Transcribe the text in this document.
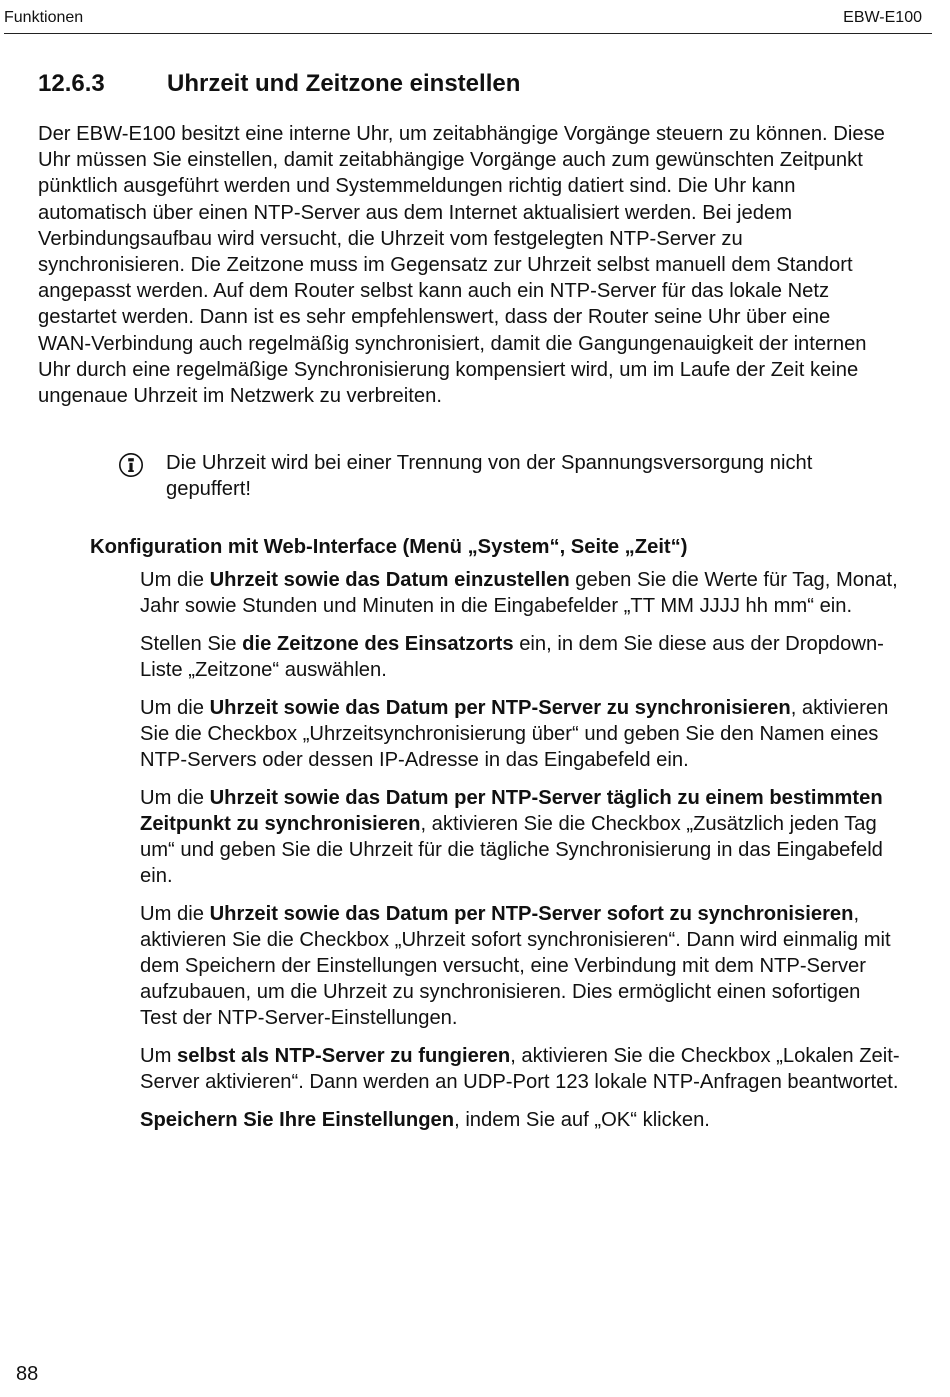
Funktionen	EBW-E100
12.6.3	Uhrzeit und Zeitzone einstellen

Der EBW-E100 besitzt eine interne Uhr, um zeitabhängige Vorgänge steuern zu können. Diese Uhr müssen Sie einstellen, damit zeitabhängige Vorgänge auch zum gewünschten Zeitpunkt pünktlich ausgeführt werden und Systemmeldungen richtig datiert sind. Die Uhr kann automatisch über einen NTP-Server aus dem Internet aktualisiert werden. Bei jedem Verbindungsaufbau wird versucht, die Uhrzeit vom festgelegten NTP-Server zu synchronisieren. Die Zeitzone muss im Gegensatz zur Uhrzeit selbst manuell dem Standort angepasst werden. Auf dem Router selbst kann auch ein NTP-Server für das lokale Netz gestartet werden. Dann ist es sehr empfehlenswert, dass der Router seine Uhr über eine WAN-Verbindung auch regelmäßig synchronisiert, damit die Gangungenauigkeit der internen Uhr durch eine regelmäßige Synchronisierung kompensiert wird, um im Laufe der Zeit keine ungenaue Uhrzeit im Netzwerk zu verbreiten.

Die Uhrzeit wird bei einer Trennung von der Spannungsversorgung nicht gepuffert!

Konfiguration mit Web-Interface (Menü „System“, Seite „Zeit“)

Um die Uhrzeit sowie das Datum einzustellen geben Sie die Werte für Tag, Monat, Jahr sowie Stunden und Minuten in die Eingabefelder „TT MM JJJJ hh mm“ ein.

Stellen Sie die Zeitzone des Einsatzorts ein, in dem Sie diese aus der Dropdown-Liste „Zeitzone“ auswählen.

Um die Uhrzeit sowie das Datum per NTP-Server zu synchronisieren, aktivieren Sie die Checkbox „Uhrzeitsynchronisierung über“ und geben Sie den Namen eines NTP-Servers oder dessen IP-Adresse in das Eingabefeld ein.

Um die Uhrzeit sowie das Datum per NTP-Server täglich zu einem bestimmten Zeitpunkt zu synchronisieren, aktivieren Sie die Checkbox „Zusätzlich jeden Tag um“ und geben Sie die Uhrzeit für die tägliche Synchronisierung in das Eingabefeld ein.

Um die Uhrzeit sowie das Datum per NTP-Server sofort zu synchronisieren, aktivieren Sie die Checkbox „Uhrzeit sofort synchronisieren“. Dann wird einmalig mit dem Speichern der Einstellungen versucht, eine Verbindung mit dem NTP-Server aufzubauen, um die Uhrzeit zu synchronisieren. Dies ermöglicht einen sofortigen Test der NTP-Server-Einstellungen.

Um selbst als NTP-Server zu fungieren, aktivieren Sie die Checkbox „Lokalen Zeit-Server aktivieren“. Dann werden an UDP-Port 123 lokale NTP-Anfragen beantwortet.

Speichern Sie Ihre Einstellungen, indem Sie auf „OK“ klicken.

88
